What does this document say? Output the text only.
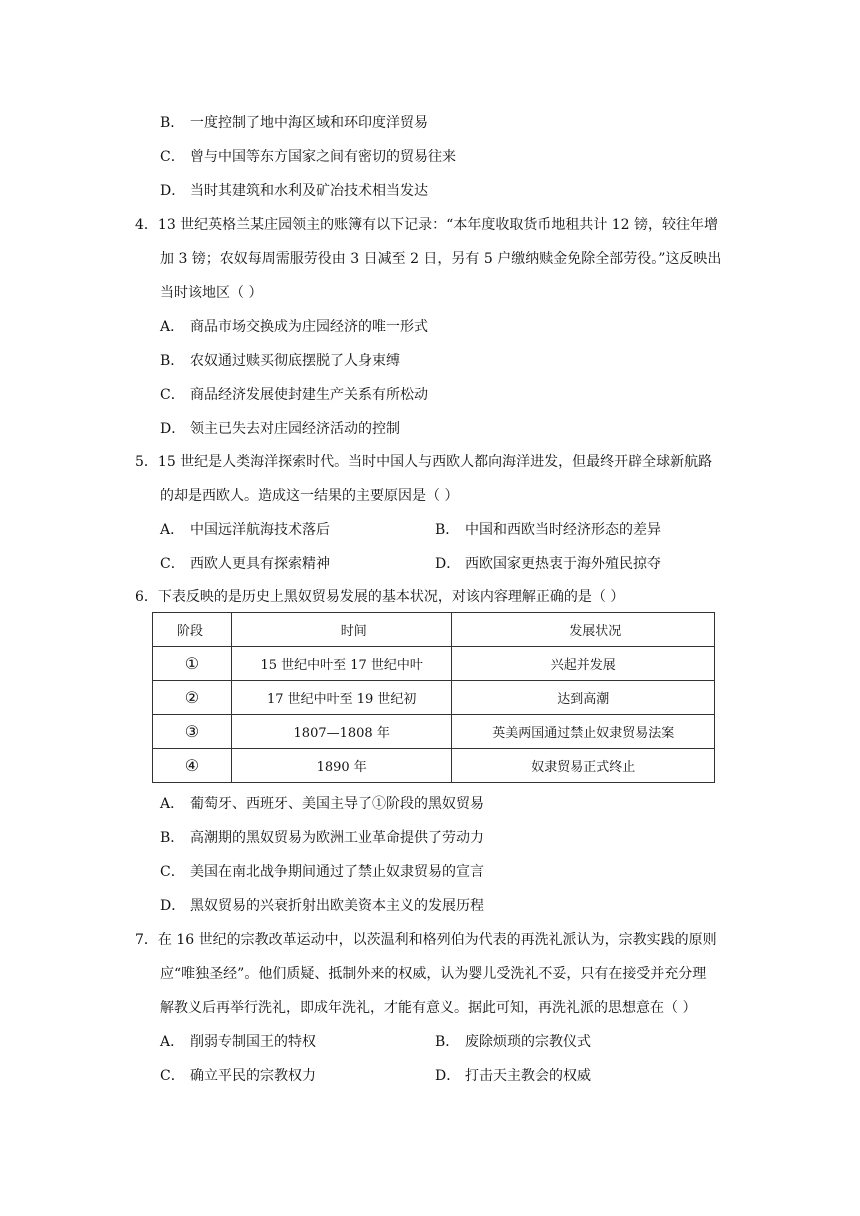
B． 一度控制了地中海区域和环印度洋贸易
C． 曾与中国等东方国家之间有密切的贸易往来
D． 当时其建筑和水利及矿冶技术相当发达
4．13 世纪英格兰某庄园领主的账簿有以下记录：“本年度收取货币地租共计 12 镑，较往年增
加 3 镑；农奴每周需服劳役由 3 日减至 2 日，另有 5 户缴纳赎金免除全部劳役。”这反映出
当时该地区（ ）
A． 商品市场交换成为庄园经济的唯一形式
B． 农奴通过赎买彻底摆脱了人身束缚
C． 商品经济发展使封建生产关系有所松动
D． 领主已失去对庄园经济活动的控制
5．15 世纪是人类海洋探索时代。当时中国人与西欧人都向海洋进发，但最终开辟全球新航路
的却是西欧人。造成这一结果的主要原因是（ ）
A． 中国远洋航海技术落后	B． 中国和西欧当时经济形态的差异
C． 西欧人更具有探索精神	D． 西欧国家更热衷于海外殖民掠夺
6．下表反映的是历史上黑奴贸易发展的基本状况，对该内容理解正确的是（ ）
阶段	时间	发展状况
①	15 世纪中叶至 17 世纪中叶	兴起并发展
②	17 世纪中叶至 19 世纪初	达到高潮
③	1807—1808 年	英美两国通过禁止奴隶贸易法案
④	1890 年	奴隶贸易正式终止
A． 葡萄牙、西班牙、美国主导了①阶段的黑奴贸易
B． 高潮期的黑奴贸易为欧洲工业革命提供了劳动力
C． 美国在南北战争期间通过了禁止奴隶贸易的宣言
D． 黑奴贸易的兴衰折射出欧美资本主义的发展历程
7．在 16 世纪的宗教改革运动中，以茨温利和格列伯为代表的再洗礼派认为，宗教实践的原则
应“唯独圣经”。他们质疑、抵制外来的权威，认为婴儿受洗礼不妥，只有在接受并充分理
解教义后再举行洗礼，即成年洗礼，才能有意义。据此可知，再洗礼派的思想意在（ ）
A． 削弱专制国王的特权	B． 废除烦琐的宗教仪式
C． 确立平民的宗教权力	D． 打击天主教会的权威
